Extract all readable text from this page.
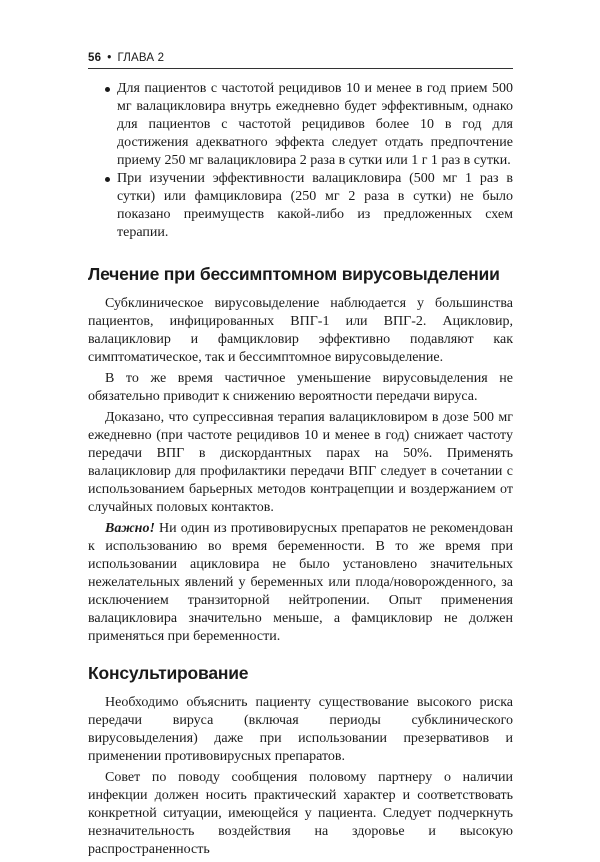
56 • ГЛАВА 2
Для пациентов с частотой рецидивов 10 и менее в год прием 500 мг валацикловира внутрь ежедневно будет эффективным, однако для пациентов с частотой рецидивов более 10 в год для достижения адекватного эффекта следует отдать предпочтение приему 250 мг валацикловира 2 раза в сутки или 1 г 1 раз в сутки.
При изучении эффективности валацикловира (500 мг 1 раз в сутки) или фамцикловира (250 мг 2 раза в сутки) не было показано преимуществ какой-либо из предложенных схем терапии.
Лечение при бессимптомном вирусовыделении

Субклиническое вирусовыделение наблюдается у большинства пациентов, инфицированных ВПГ-1 или ВПГ-2. Ацикловир, валацикловир и фамцикловир эффективно подавляют как симптоматическое, так и бессимптомное вирусовыделение.

В то же время частичное уменьшение вирусовыделения не обязательно приводит к снижению вероятности передачи вируса.

Доказано, что супрессивная терапия валацикловиром в дозе 500 мг ежедневно (при частоте рецидивов 10 и менее в год) снижает частоту передачи ВПГ в дискордантных парах на 50%. Применять валацикловир для профилактики передачи ВПГ следует в сочетании с использованием барьерных методов контрацепции и воздержанием от случайных половых контактов.

Важно! Ни один из противовирусных препаратов не рекомендован к использованию во время беременности. В то же время при использовании ацикловира не было установлено значительных нежелательных явлений у беременных или плода/новорожденного, за исключением транзиторной нейтропении. Опыт применения валацикловира значительно меньше, а фамцикловир не должен применяться при беременности.

Консультирование

Необходимо объяснить пациенту существование высокого риска передачи вируса (включая периоды субклинического вирусовыделения) даже при использовании презервативов и применении противовирусных препаратов.

Совет по поводу сообщения половому партнеру о наличии инфекции должен носить практический характер и соответствовать конкретной ситуации, имеющейся у пациента. Следует подчеркнуть незначительность воздействия на здоровье и высокую распространенность
